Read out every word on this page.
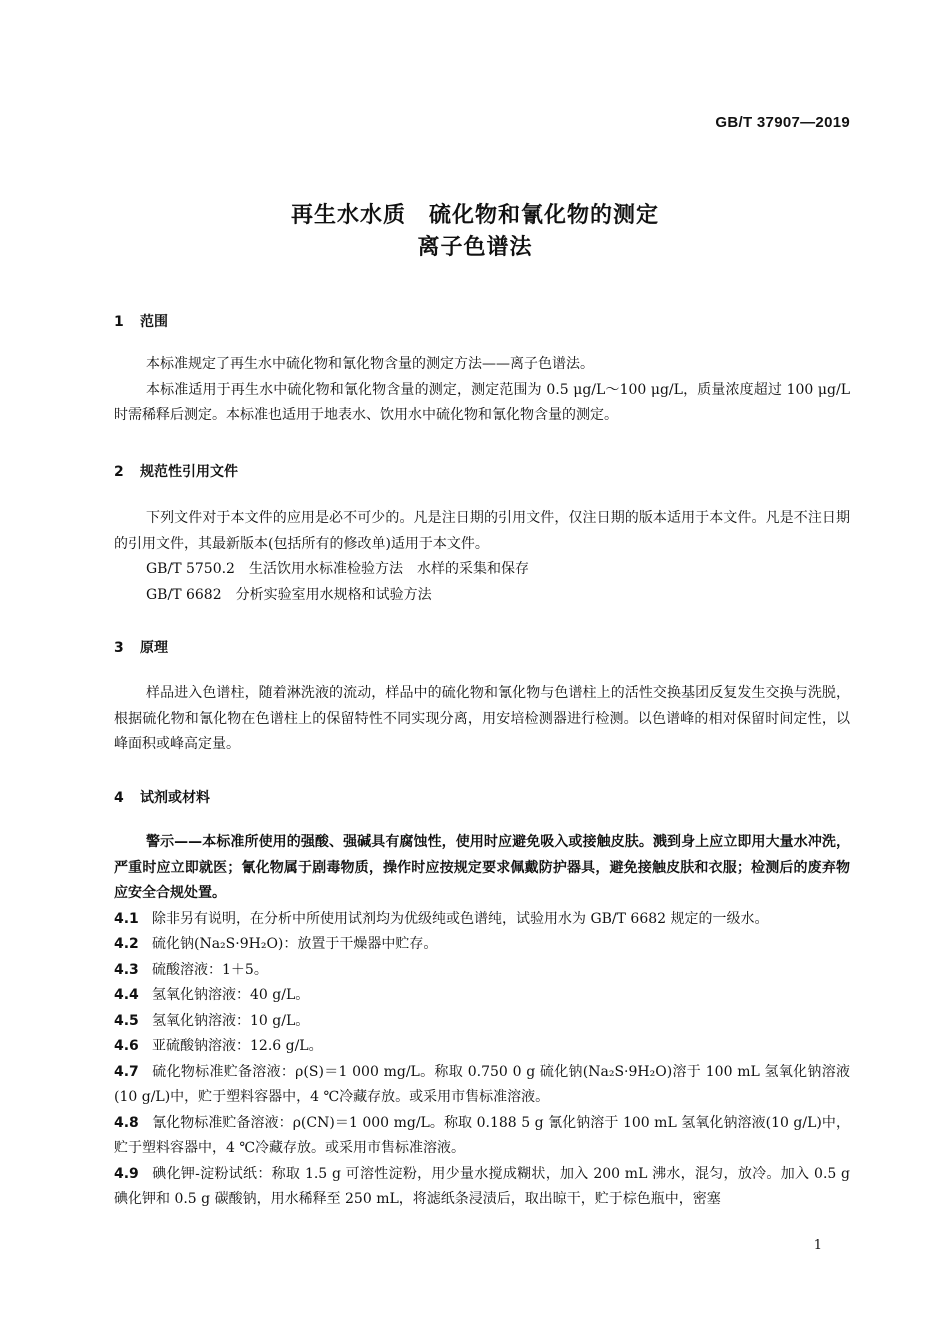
GB/T 37907—2019
再生水水质　硫化物和氰化物的测定
离子色谱法
1 范围

本标准规定了再生水中硫化物和氰化物含量的测定方法——离子色谱法。

本标准适用于再生水中硫化物和氰化物含量的测定，测定范围为 0.5 μg/L～100 μg/L，质量浓度超过 100 μg/L 时需稀释后测定。本标准也适用于地表水、饮用水中硫化物和氰化物含量的测定。

2 规范性引用文件

下列文件对于本文件的应用是必不可少的。凡是注日期的引用文件，仅注日期的版本适用于本文件。凡是不注日期的引用文件，其最新版本(包括所有的修改单)适用于本文件。

GB/T 5750.2　生活饮用水标准检验方法　水样的采集和保存

GB/T 6682　分析实验室用水规格和试验方法

3 原理

样品进入色谱柱，随着淋洗液的流动，样品中的硫化物和氰化物与色谱柱上的活性交换基团反复发生交换与洗脱，根据硫化物和氰化物在色谱柱上的保留特性不同实现分离，用安培检测器进行检测。以色谱峰的相对保留时间定性，以峰面积或峰高定量。

4 试剂或材料

警示——本标准所使用的强酸、强碱具有腐蚀性，使用时应避免吸入或接触皮肤。溅到身上应立即用大量水冲洗，严重时应立即就医；氰化物属于剧毒物质，操作时应按规定要求佩戴防护器具，避免接触皮肤和衣服；检测后的废弃物应安全合规处置。

4.1 除非另有说明，在分析中所使用试剂均为优级纯或色谱纯，试验用水为 GB/T 6682 规定的一级水。

4.2 硫化钠(Na₂S·9H₂O)：放置于干燥器中贮存。

4.3 硫酸溶液：1＋5。

4.4 氢氧化钠溶液：40 g/L。

4.5 氢氧化钠溶液：10 g/L。

4.6 亚硫酸钠溶液：12.6 g/L。

4.7 硫化物标准贮备溶液：ρ(S)＝1 000 mg/L。称取 0.750 0 g 硫化钠(Na₂S·9H₂O)溶于 100 mL 氢氧化钠溶液(10 g/L)中，贮于塑料容器中，4 ℃冷藏存放。或采用市售标准溶液。

4.8 氰化物标准贮备溶液：ρ(CN)＝1 000 mg/L。称取 0.188 5 g 氰化钠溶于 100 mL 氢氧化钠溶液(10 g/L)中，贮于塑料容器中，4 ℃冷藏存放。或采用市售标准溶液。

4.9 碘化钾-淀粉试纸：称取 1.5 g 可溶性淀粉，用少量水搅成糊状，加入 200 mL 沸水，混匀，放冷。加入 0.5 g 碘化钾和 0.5 g 碳酸钠，用水稀释至 250 mL，将滤纸条浸渍后，取出晾干，贮于棕色瓶中，密塞

1
